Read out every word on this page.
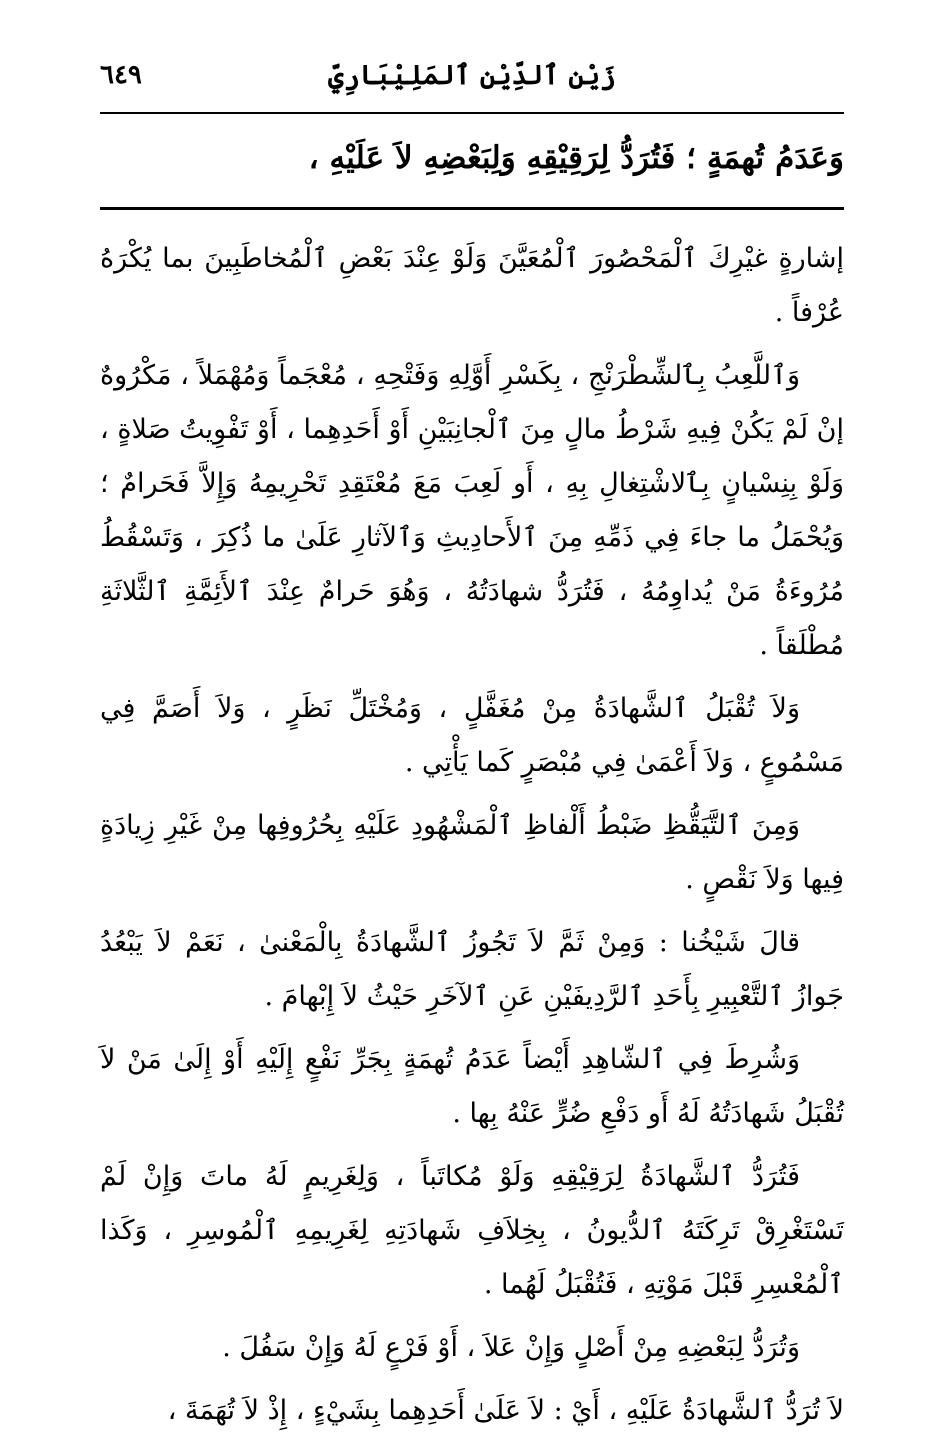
زَيْن ٱلدِّيْن ٱلمَلِيْبَارِيِّ
٦٤٩
وَعَدَمُ تُهمَةٍ ؛ فَتُرَدُّ لِرَقِيْقِهِ وَلِبَعْضِهِ لاَ عَلَيْهِ ،

إشارةٍ غيْرِكَ ٱلْمَحْصُورَ ٱلْمُعَيَّنَ وَلَوْ عِنْدَ بَعْضِ ٱلْمُخاطَبِينَ بما يُكْرَهُ عُرْفاً .

وَٱللَّعِبُ بِٱلشِّطْرَنْجِ ، بِكَسْرِ أَوَّلِهِ وَفَتْحِهِ ، مُعْجَماً وَمُهْمَلاً ، مَكْرُوهٌ إنْ لَمْ يَكُنْ فِيهِ شَرْطُ مالٍ مِنَ ٱلْجانِبَيْنِ أَوْ أَحَدِهِما ، أَوْ تَفْوِيتُ صَلاةٍ ، وَلَوْ بِنِسْيانٍ بِٱلاشْتِغالِ بِهِ ، أَو لَعِبَ مَعَ مُعْتَقِدِ تَحْرِيمِهُ وَإِلاَّ فَحَرامٌ ؛ وَيُحْمَلُ ما جاءَ فِي ذَمِّهِ مِنَ ٱلأَحادِيثِ وَٱلآثارِ عَلَىٰ ما ذُكِرَ ، وَتَسْقُطُ مُرُوءَةُ مَنْ يُداوِمُهُ ، فَتُرَدُّ شهادَتُهُ ، وَهُوَ حَرامٌ عِنْدَ ٱلأَئِمَّةِ ٱلثَّلاثَةِ مُطْلَقاً .

وَلاَ تُقْبَلُ ٱلشَّهادَةُ مِنْ مُغَفَّلٍ ، وَمُخْتَلِّ نَظَرٍ ، وَلاَ أَصَمَّ فِي مَسْمُوعٍ ، وَلاَ أَعْمَىٰ فِي مُبْصَرٍ كَما يَأْتِي .

وَمِنَ ٱلتَّيَقُّظِ ضَبْطُ أَلْفاظِ ٱلْمَشْهُودِ عَلَيْهِ بِحُرُوفِها مِنْ غَيْرِ زِيادَةٍ فِيها وَلاَ نَقْصٍ .

قالَ شَيْخُنا : وَمِنْ ثَمَّ لاَ تَجُوزُ ٱلشَّهادَةُ بِالْمَعْنىٰ ، نَعَمْ لاَ يَبْعُدُ جَوازُ ٱلتَّعْبِيرِ بِأَحَدِ ٱلرَّدِيفَيْنِ عَنِ ٱلآخَرِ حَيْثُ لاَ إِبْهامَ .

وَشُرِطَ فِي ٱلشّاهِدِ أَيْضاً عَدَمُ تُهمَةٍ بِجَرِّ نَفْعٍ إِلَيْهِ أَوْ إِلَىٰ مَنْ لاَ تُقْبَلُ شَهادَتُهُ لَهُ أَو دَفْعِ ضُرٍّ عَنْهُ بِها .

فَتُرَدُّ ٱلشَّهادَةُ لِرَقِيْقِهِ وَلَوْ مُكاتَباً ، وَلِغَرِيمٍ لَهُ ماتَ وَإِنْ لَمْ تَسْتَغْرِقْ تَرِكَتَهُ ٱلدُّيونُ ، بِخِلاَفِ شَهادَتِهِ لِغَرِيمِهِ ٱلْمُوسِرِ ، وَكَذا ٱلْمُعْسِرِ قَبْلَ مَوْتِهِ ، فَتُقْبَلُ لَهُما .

وَتُرَدُّ لِبَعْضِهِ مِنْ أَصْلٍ وَإِنْ عَلاَ ، أَوْ فَرْعٍ لَهُ وَإِنْ سَفُلَ .

لاَ تُرَدُّ ٱلشَّهادَةُ عَلَيْهِ ، أَيْ : لاَ عَلَىٰ أَحَدِهِما بِشَيْءٍ ، إِذْ لاَ تُهَمَةَ ،
